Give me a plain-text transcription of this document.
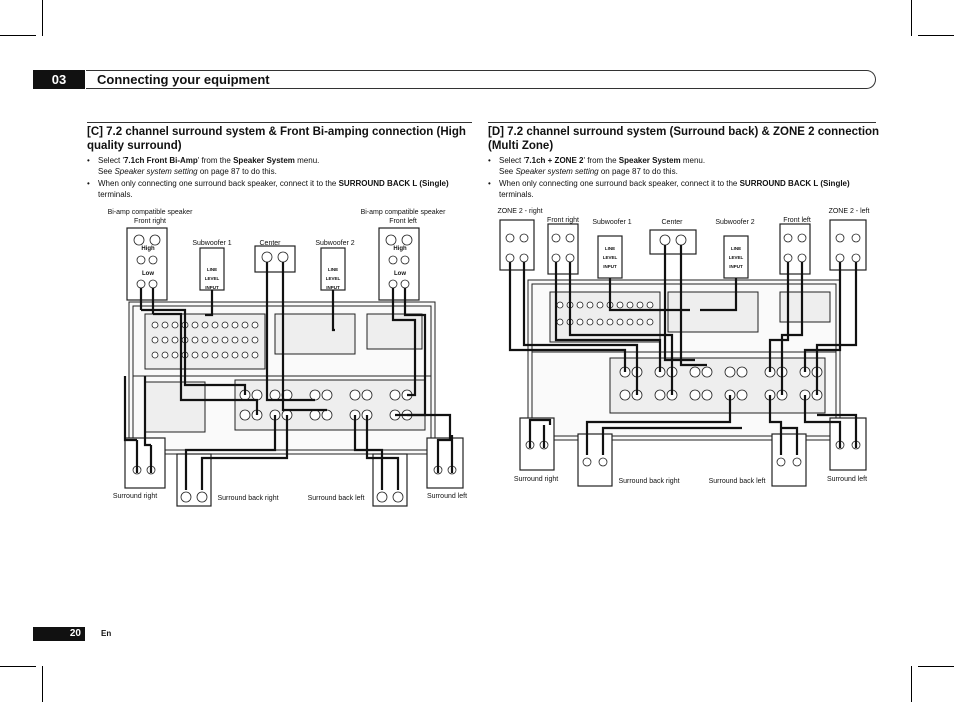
03	Connecting your equipment
[C] 7.2 channel surround system & Front Bi-amping connection (High
quality surround)
• Select '7.1ch Front Bi-Amp' from the Speaker System menu.
See Speaker system setting on page 87 to do this.
• When only connecting one surround back speaker, connect it to the SURROUND BACK L (Single)
terminals.
[D] 7.2 channel surround system (Surround back) & ZONE 2 connection
(Multi Zone)
• Select '7.1ch + ZONE 2' from the Speaker System menu.
See Speaker system setting on page 87 to do this.
• When only connecting one surround back speaker, connect it to the SURROUND BACK L (Single)
terminals.
Bi-amp compatible speaker
Front right
Bi-amp compatible speaker
Front left
Subwoofer 1	Center	Subwoofer 2
High
Low
High
Low
LINE LEVEL INPUT
LINE LEVEL INPUT
Surround right	Surround back right	Surround back left	Surround left
ZONE 2 - right
Front right Subwoofer 1	Center	Subwoofer 2	Front left
ZONE 2 - left
LINE LEVEL INPUT
LINE LEVEL INPUT
Surround right	Surround back right	Surround back left	Surround left
20	En
